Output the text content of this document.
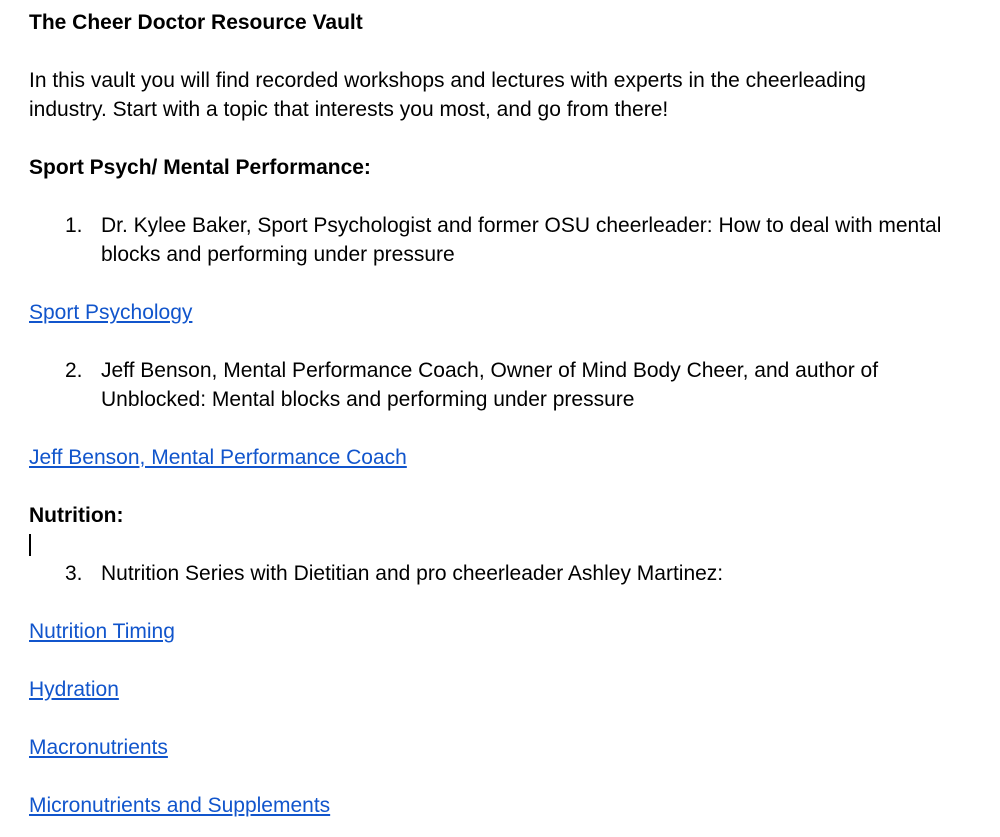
The Cheer Doctor Resource Vault

In this vault you will find recorded workshops and lectures with experts in the cheerleading industry. Start with a topic that interests you most, and go from there!

Sport Psych/ Mental Performance:

1. Dr. Kylee Baker, Sport Psychologist and former OSU cheerleader: How to deal with mental blocks and performing under pressure

Sport Psychology

2. Jeff Benson, Mental Performance Coach, Owner of Mind Body Cheer, and author of Unblocked: Mental blocks and performing under pressure

Jeff Benson, Mental Performance Coach

Nutrition:

3. Nutrition Series with Dietitian and pro cheerleader Ashley Martinez:

Nutrition Timing

Hydration

Macronutrients

Micronutrients and Supplements
